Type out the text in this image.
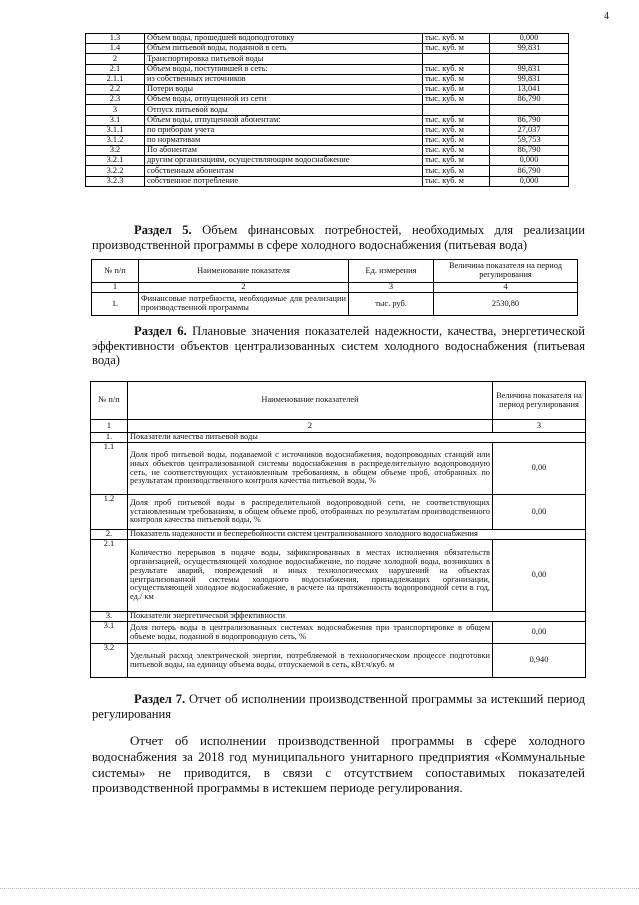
4
1.3	Объем воды, прошедшей водоподготовку	тыс. куб. м	0,000
1.4	Объем питьевой воды, поданной в сеть	тыс. куб. м	99,831
2	Транспортировка питьевой воды		
2.1	Объем воды, поступившей в сеть:	тыс. куб. м	99,831
2.1.1	из собственных источников	тыс. куб. м	99,831
2.2	Потери воды	тыс. куб. м	13,041
2.3	Объем воды, отпущенной из сети	тыс. куб. м	86,790
3	Отпуск питьевой воды		
3.1	Объем воды, отпущенной абонентам:	тыс. куб. м	86,790
3.1.1	по приборам учета	тыс. куб. м	27,037
3.1.2	по нормативам	тыс. куб. м	59,753
3.2	По абонентам	тыс. куб. м	86,790
3.2.1	другим организациям, осуществляющим водоснабжение	тыс. куб. м	0,000
3.2.2	собственным абонентам	тыс. куб. м	86,790
3.2.3	собственное потребление	тыс. куб. м	0,000
Раздел 5. Объем финансовых потребностей, необходимых для реализации производственной программы в сфере холодного водоснабжения (питьевая вода)
№ п/п	Наименование показателя	Ед. измерения	Величина показателя на период регулирования
1	2	3	4
1.	Финансовые потребности, необходимые для реализации производственной программы	тыс. руб.	2530,80
Раздел 6. Плановые значения показателей надежности, качества, энергетической эффективности объектов централизованных систем холодного водоснабжения (питьевая вода)
№ п/п	Наименование показателей	Величина показателя на период регулирования
1	2	3
1.	Показатели качества питьевой воды	
1.1	Доля проб питьевой воды, подаваемой с источников водоснабжения, водопроводных станций или иных объектов централизованной системы водоснабжения в распределительную водопроводную сеть, не соответствующих установленным требованиям, в общем объеме проб, отобранных по результатам производственного контроля качества питьевой воды, %	0,00
1.2	Доля проб питьевой воды в распределительной водопроводной сети, не соответствующих установленным требованиям, в общем объеме проб, отобранных по результатам производственного контроля качества питьевой воды, %	0,00
2.	Показатель надежности и бесперебойности систем централизованного холодного водоснабжения	
2.1	Количество перерывов в подаче воды, зафиксированных в местах исполнения обязательств организацией, осуществляющей холодное водоснабжение, по подаче холодной воды, возникших в результате аварий, повреждений и иных технологических нарушений на объектах централизованной системы холодного водоснабжения, принадлежащих организации, осуществляющей холодное водоснабжение, в расчете на протяженность водопроводной сети в год, ед./ км	0,00
3.	Показатели энергетической эффективности	
3.1	Доля потерь воды в централизованных системах водоснабжения при транспортировке в общем объеме воды, поданной в водопроводную сеть, %	0,00
3.2	Удельный расход электрической энергии, потребляемой в технологическом процессе подготовки питьевой воды, на единицу объема воды, отпускаемой в сеть, кВт.ч/куб. м	0,940
Раздел 7. Отчет об исполнении производственной программы за истекший период регулирования
Отчет об исполнении производственной программы в сфере холодного водоснабжения за 2018 год муниципального унитарного предприятия «Коммунальные системы» не приводится, в связи с отсутствием сопоставимых показателей производственной программы в истекшем периоде регулирования.
